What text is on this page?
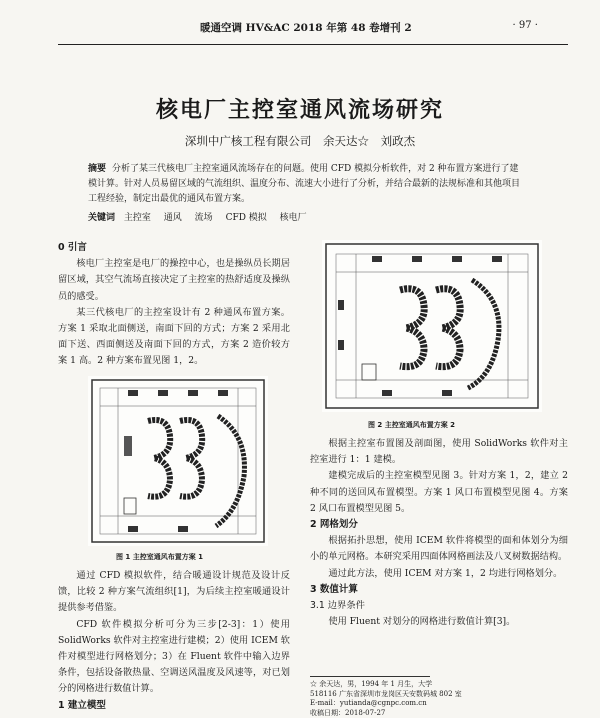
暖通空调 HV&AC 2018 年第 48 卷增刊 2	· 97 ·
核电厂主控室通风流场研究
深圳中广核工程有限公司 余天达☆ 刘政杰
摘要 分析了某三代核电厂主控室通风流场存在的问题。使用 CFD 模拟分析软件，对 2 种布置方案进行了建模计算。针对人员易留区域的气流组织、温度分布、流速大小进行了分析，并结合最新的法规标准和其他项目工程经验，制定出最优的通风布置方案。
关键词 主控室 通风 流场 CFD 模拟 核电厂
0 引言

核电厂主控室是电厂的操控中心，也是操纵员长期居留区域，其空气流场直接决定了主控室的热舒适度及操纵员的感受。

某三代核电厂的主控室设计有 2 种通风布置方案。方案 1 采取北面侧送，南面下回的方式；方案 2 采用北面下送、西面侧送及南面下回的方式，方案 2 造价较方案 1 高。2 种方案布置见图 1，2。

图 1 主控室通风布置方案 1

通过 CFD 模拟软件，结合暖通设计规范及设计反馈，比较 2 种方案气流组织[1]，为后续主控室暖通设计提供参考借鉴。

CFD 软件模拟分析可分为三步[2-3]：1）使用 SolidWorks 软件对主控室进行建模；2）使用 ICEM 软件对模型进行网格划分；3）在 Fluent 软件中输入边界条件，包括设备散热量、空调送风温度及风速等，对已划分的网格进行数值计算。

1 建立模型
图 2 主控室通风布置方案 2

根据主控室布置图及剖面图，使用 SolidWorks 软件对主控室进行 1：1 建模。

建模完成后的主控室模型见图 3。针对方案 1，2，建立 2 种不同的送回风布置模型。方案 1 风口布置模型见图 4。方案 2 风口布置模型见图 5。

2 网格划分

根据拓扑思想，使用 ICEM 软件将模型的面和体划分为细小的单元网格。本研究采用四面体网格画法及八叉树数据结构。

通过此方法，使用 ICEM 对方案 1，2 均进行网格划分。

3 数值计算
3.1 边界条件

使用 Fluent 对划分的网格进行数值计算[3]。

☆ 余天达，男，1994 年 1 月生，大学
518116 广东省深圳市龙岗区天安数码城 802 室
E-mail：yutianda@cgnpc.com.cn
收稿日期：2018-07-27
